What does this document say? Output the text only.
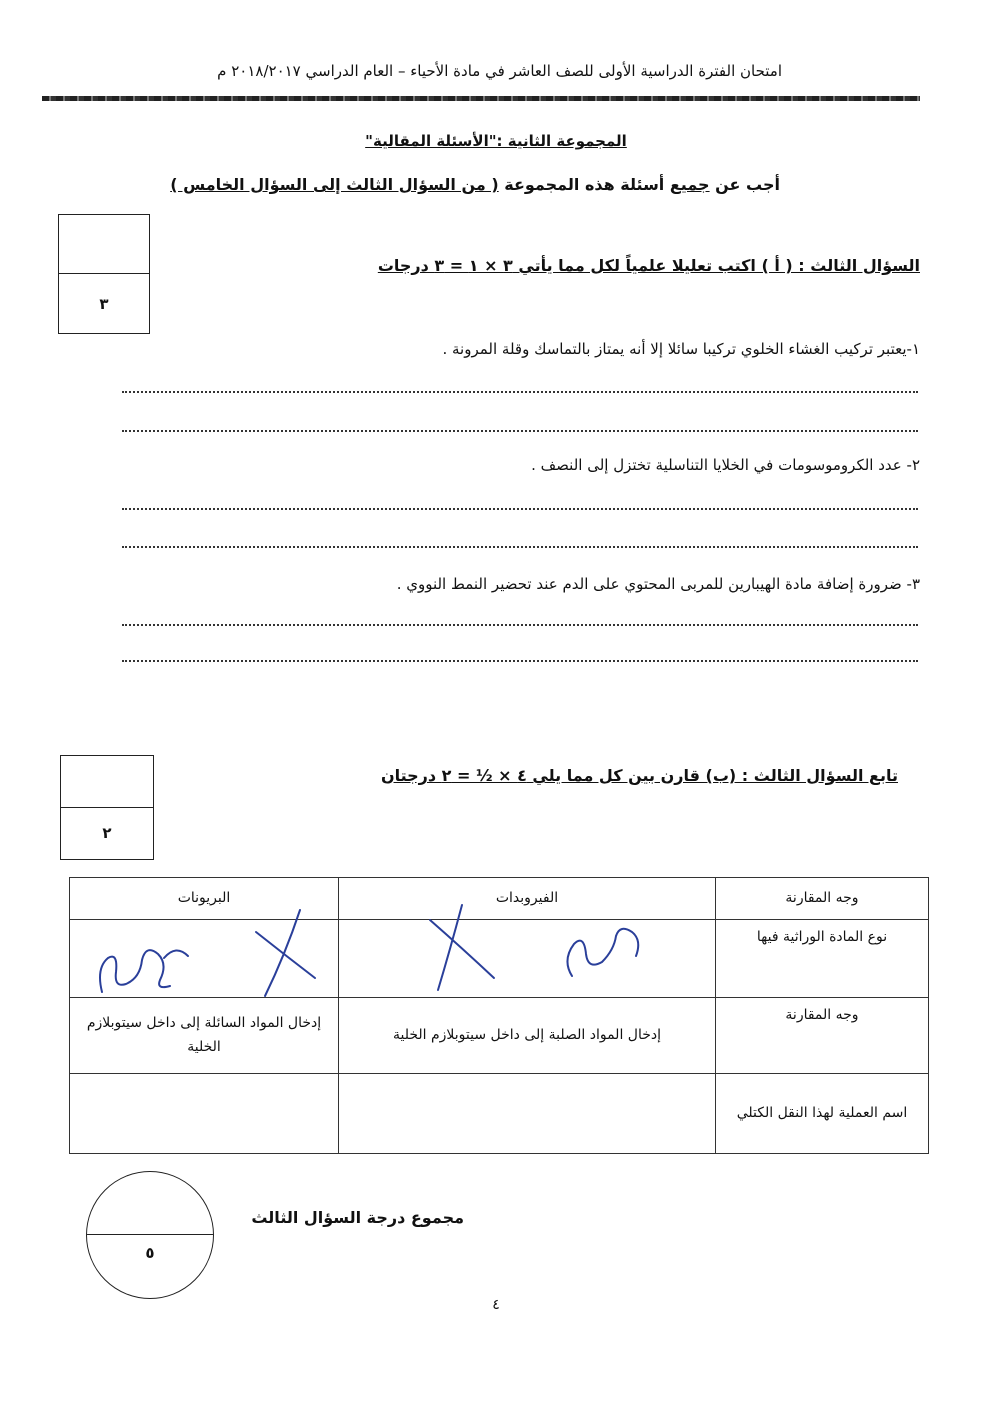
امتحان الفترة الدراسية الأولى للصف العاشر في مادة الأحياء – العام الدراسي ٢٠١٨/٢٠١٧ م
المجموعة الثانية :"الأسئلة المقالية"
أجب عن جميع أسئلة هذه المجموعة ( من السؤال الثالث إلى السؤال الخامس )
٣
السؤال الثالث : ( أ ) اكتب تعليلا علمياً لكل مما يأتي ٣ × ١ = ٣ درجات
١-يعتبر تركيب الغشاء الخلوي تركيبا سائلا إلا أنه يمتاز بالتماسك وقلة المرونة .
٢- عدد الكروموسومات في الخلايا التناسلية تختزل إلى النصف .
٣- ضرورة إضافة مادة الهيبارين للمربى المحتوي على الدم عند تحضير النمط النووي .
٢
تابع السؤال الثالث : (ب) قارن بين كل مما يلي ٤ × ½ = ٢ درجتان
وجه المقارنة	الفيروبدات	البريونات
نوع المادة الوراثية فيها		
وجه المقارنة	إدخال المواد الصلبة إلى داخل سيتوبلازم الخلية	إدخال المواد السائلة إلى داخل سيتوبلازم الخلية
اسم العملية لهذا النقل الكتلي		
٥
مجموع درجة السؤال الثالث
٤
